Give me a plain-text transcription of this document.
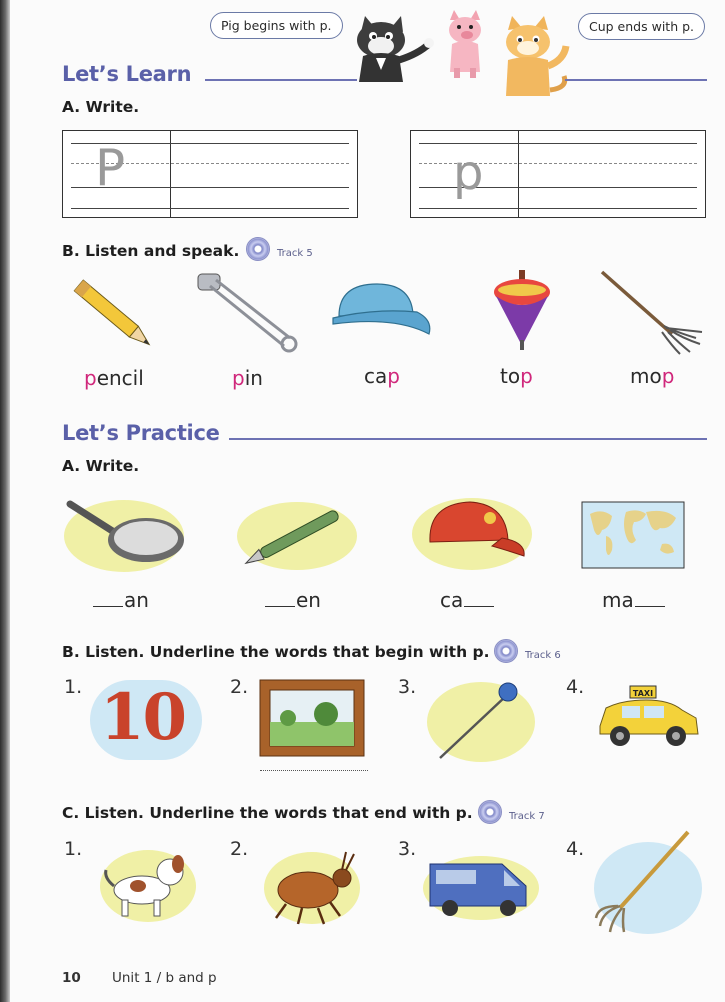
Pig begins with p.	Cup ends with p.
Let’s Learn
A. Write.
P	p
B. Listen and speak.	Track 5
pencil	pin	cap	top	mop
Let’s Practice
A. Write.
an	en	ca	ma
B. Listen. Underline the words that begin with p.	Track 6
1.	2.	3.	4.
10	TAXI
C. Listen. Underline the words that end with p.	Track 7
1.	2.	3.	4.
10 Unit 1 / b and p
